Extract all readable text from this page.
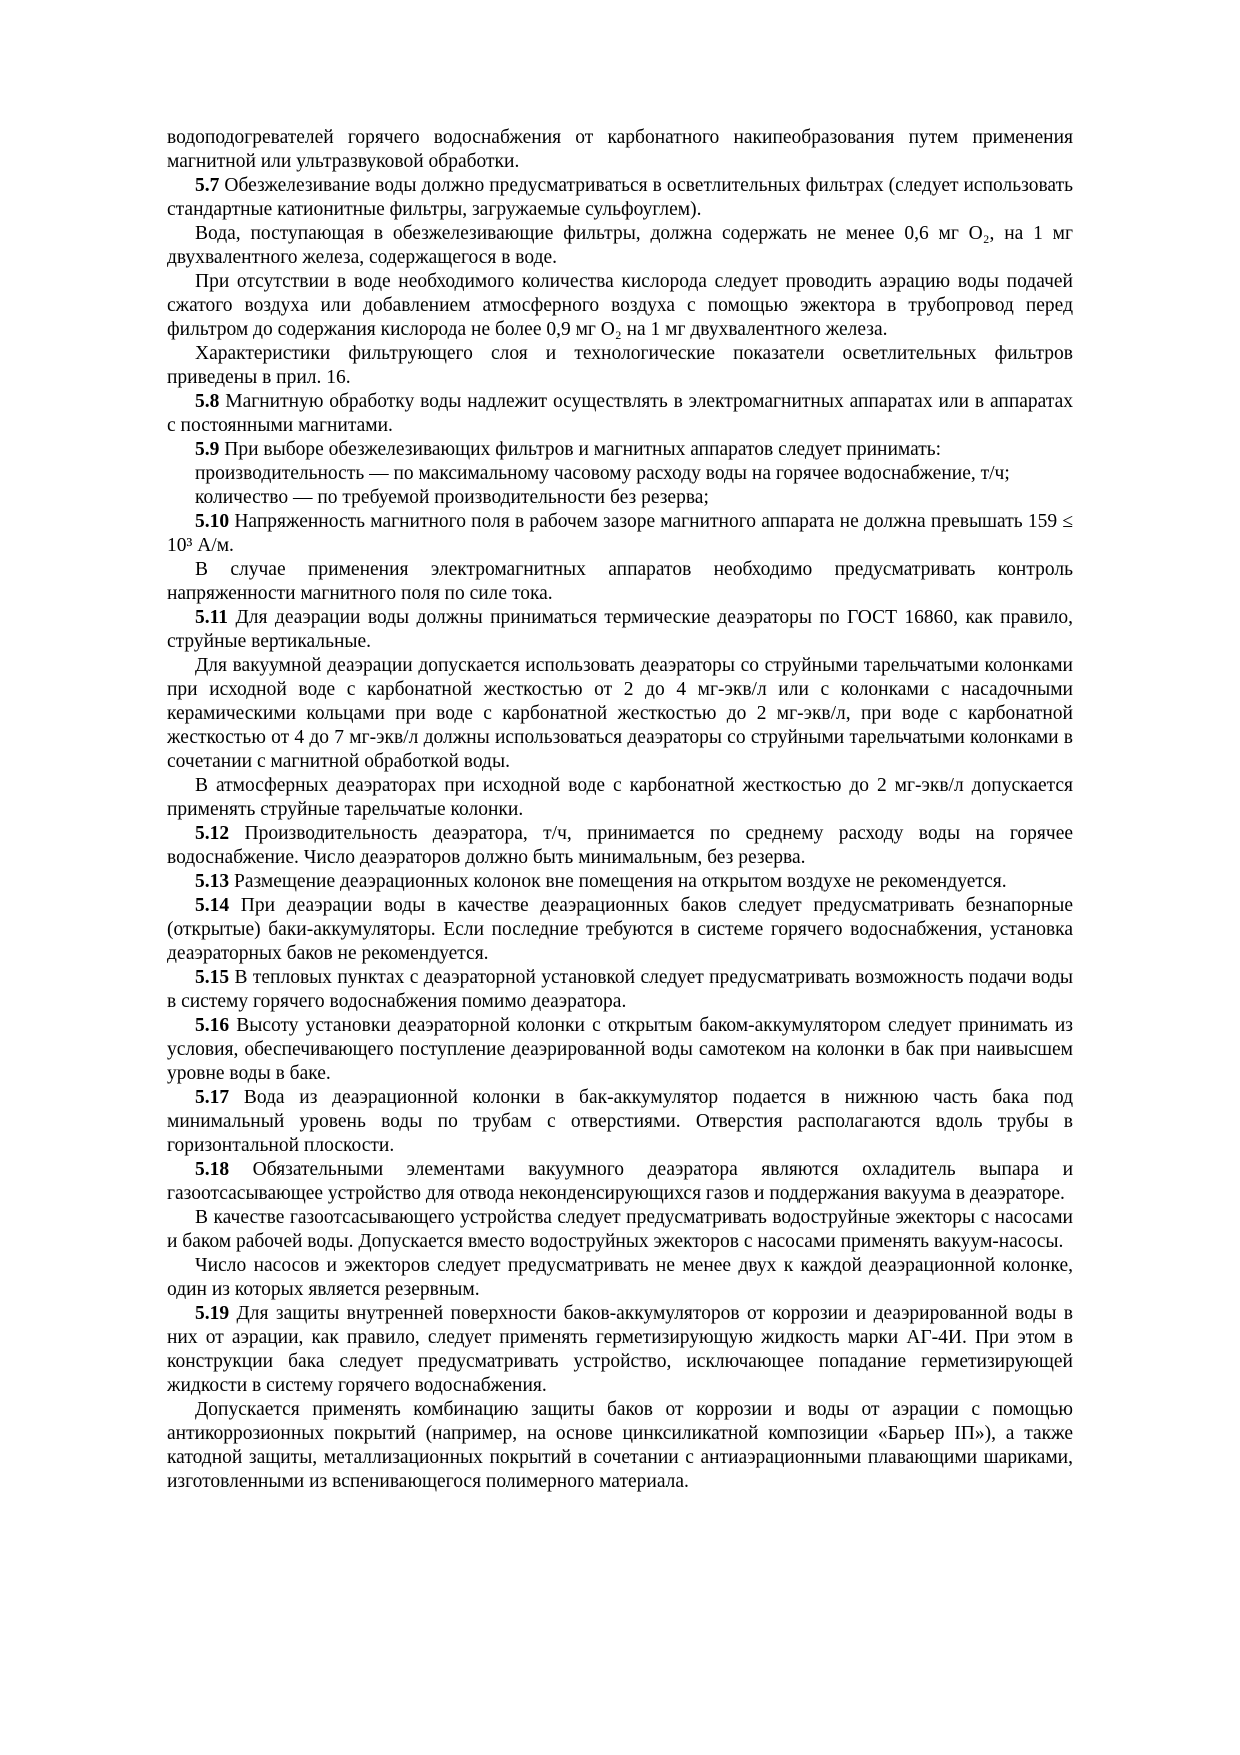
водоподогревателей горячего водоснабжения от карбонатного накипеобразования путем применения магнитной или ультразвуковой обработки.

5.7 Обезжелезивание воды должно предусматриваться в осветлительных фильтрах (следует использовать стандартные катионитные фильтры, загружаемые сульфоуглем).

Вода, поступающая в обезжелезивающие фильтры, должна содержать не менее 0,6 мг О₂, на 1 мг двухвалентного железа, содержащегося в воде.

При отсутствии в воде необходимого количества кислорода следует проводить аэрацию воды подачей сжатого воздуха или добавлением атмосферного воздуха с помощью эжектора в трубопровод перед фильтром до содержания кислорода не более 0,9 мг О₂ на 1 мг двухвалентного железа.

Характеристики фильтрующего слоя и технологические показатели осветлительных фильтров приведены в прил. 16.

5.8 Магнитную обработку воды надлежит осуществлять в электромагнитных аппаратах или в аппаратах с постоянными магнитами.

5.9 При выборе обезжелезивающих фильтров и магнитных аппаратов следует принимать:

производительность — по максимальному часовому расходу воды на горячее водоснабжение, т/ч;

количество — по требуемой производительности без резерва;

5.10 Напряженность магнитного поля в рабочем зазоре магнитного аппарата не должна превышать 159 ≤ 10³ А/м.

В случае применения электромагнитных аппаратов необходимо предусматривать контроль напряженности магнитного поля по силе тока.

5.11 Для деаэрации воды должны приниматься термические деаэраторы по ГОСТ 16860, как правило, струйные вертикальные.

Для вакуумной деаэрации допускается использовать деаэраторы со струйными тарельчатыми колонками при исходной воде с карбонатной жесткостью от 2 до 4 мг-экв/л или с колонками с насадочными керамическими кольцами при воде с карбонатной жесткостью до 2 мг-экв/л, при воде с карбонатной жесткостью от 4 до 7 мг-экв/л должны использоваться деаэраторы со струйными тарельчатыми колонками в сочетании с магнитной обработкой воды.

В атмосферных деаэраторах при исходной воде с карбонатной жесткостью до 2 мг-экв/л допускается применять струйные тарельчатые колонки.

5.12 Производительность деаэратора, т/ч, принимается по среднему расходу воды на горячее водоснабжение. Число деаэраторов должно быть минимальным, без резерва.

5.13 Размещение деаэрационных колонок вне помещения на открытом воздухе не рекомендуется.

5.14 При деаэрации воды в качестве деаэрационных баков следует предусматривать безнапорные (открытые) баки-аккумуляторы. Если последние требуются в системе горячего водоснабжения, установка деаэраторных баков не рекомендуется.

5.15 В тепловых пунктах с деаэраторной установкой следует предусматривать возможность подачи воды в систему горячего водоснабжения помимо деаэратора.

5.16 Высоту установки деаэраторной колонки с открытым баком-аккумулятором следует принимать из условия, обеспечивающего поступление деаэрированной воды самотеком на колонки в бак при наивысшем уровне воды в баке.

5.17 Вода из деаэрационной колонки в бак-аккумулятор подается в нижнюю часть бака под минимальный уровень воды по трубам с отверстиями. Отверстия располагаются вдоль трубы в горизонтальной плоскости.

5.18 Обязательными элементами вакуумного деаэратора являются охладитель выпара и газоотсасывающее устройство для отвода неконденсирующихся газов и поддержания вакуума в деаэраторе.

В качестве газоотсасывающего устройства следует предусматривать водоструйные эжекторы с насосами и баком рабочей воды. Допускается вместо водоструйных эжекторов с насосами применять вакуум-насосы.

Число насосов и эжекторов следует предусматривать не менее двух к каждой деаэрационной колонке, один из которых является резервным.

5.19 Для защиты внутренней поверхности баков-аккумуляторов от коррозии и деаэрированной воды в них от аэрации, как правило, следует применять герметизирующую жидкость марки АГ-4И. При этом в конструкции бака следует предусматривать устройство, исключающее попадание герметизирующей жидкости в систему горячего водоснабжения.

Допускается применять комбинацию защиты баков от коррозии и воды от аэрации с помощью антикоррозионных покрытий (например, на основе цинксиликатной композиции «Барьер IП»), а также катодной защиты, металлизационных покрытий в сочетании с антиаэрационными плавающими шариками, изготовленными из вспенивающегося полимерного материала.
